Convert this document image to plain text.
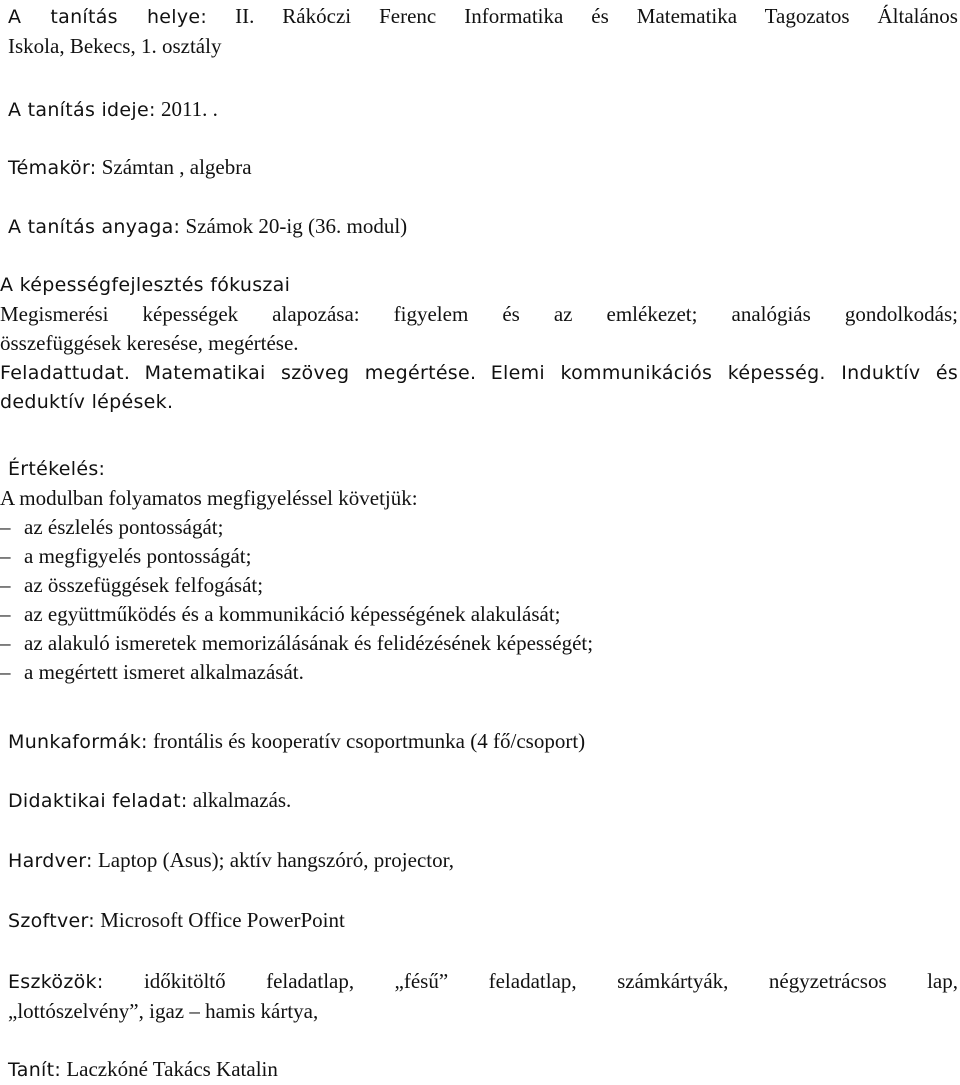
A tanítás helye: II. Rákóczi Ferenc Informatika és Matematika Tagozatos Általános
Iskola, Bekecs, 1. osztály
A tanítás ideje: 2011. .
Témakör: Számtan , algebra
A tanítás anyaga: Számok 20-ig (36. modul)
A képességfejlesztés fókuszai
Megismerési képességek alapozása: figyelem és az emlékezet; analógiás gondolkodás;
összefüggések keresése, megértése.
Feladattudat. Matematikai szöveg megértése. Elemi kommunikációs képesség. Induktív és
deduktív lépések.
Értékelés:
A modulban folyamatos megfigyeléssel követjük:
– az észlelés pontosságát;
– a megfigyelés pontosságát;
– az összefüggések felfogását;
– az együttműködés és a kommunikáció képességének alakulását;
– az alakuló ismeretek memorizálásának és felidézésének képességét;
– a megértett ismeret alkalmazását.
Munkaformák: frontális és kooperatív csoportmunka (4 fő/csoport)
Didaktikai feladat: alkalmazás.
Hardver: Laptop (Asus); aktív hangszóró, projector,
Szoftver: Microsoft Office PowerPoint
Eszközök: időkitöltő feladatlap, „fésű” feladatlap, számkártyák, négyzetrácsos lap,
„lottószelvény”, igaz – hamis kártya,
Tanít: Laczkóné Takács Katalin
